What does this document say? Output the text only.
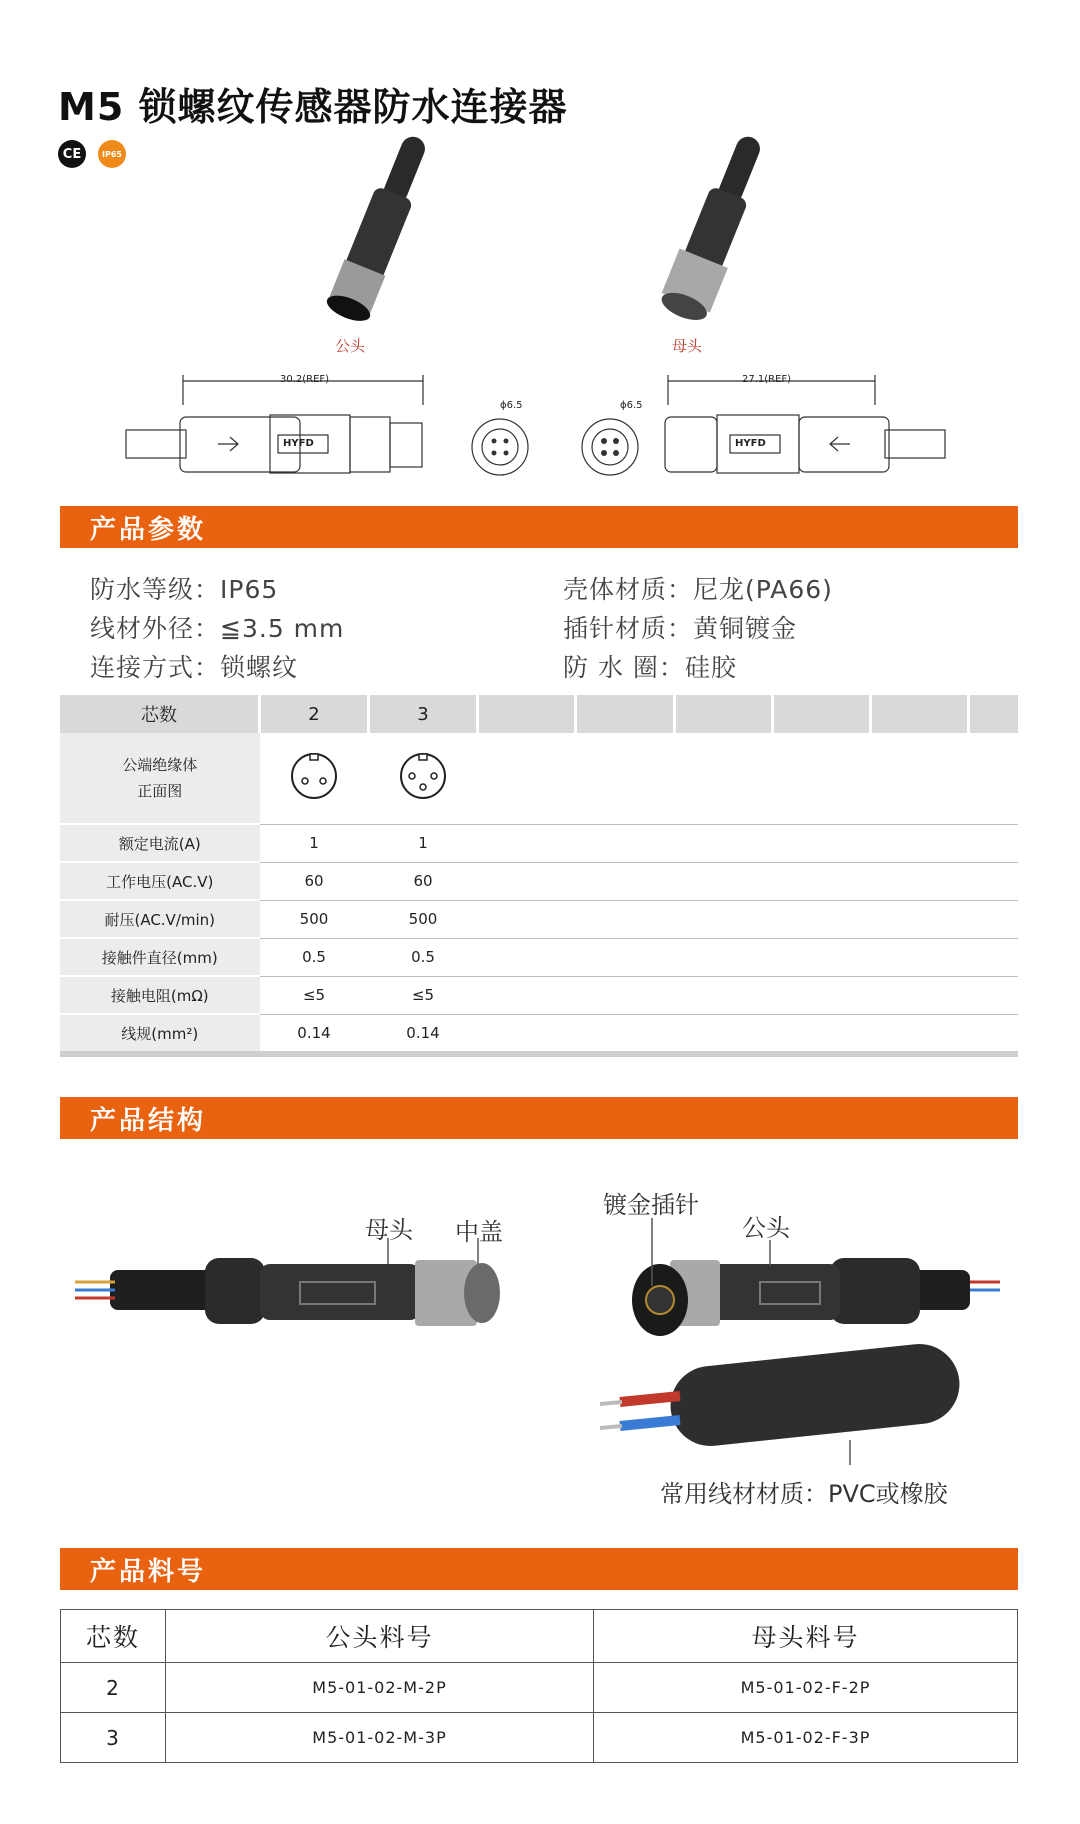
M5 锁螺纹传感器防水连接器
CE	IP65
公头	母头
30.2(REF)	27.1(REF)
ϕ6.5	ϕ6.5
HYFD	HYFD
产品参数
防水等级：IP65	壳体材质：尼龙(PA66)
线材外径：≦3.5 mm	插针材质：黄铜镀金
连接方式：锁螺纹	防 水 圈：硅胶
芯数	2	3						

公端绝缘体
正面图

额定电流(A)	1	1						
工作电压(AC.V)	60	60						
耐压(AC.V/min)	500	500						
接触件直径(mm)	0.5	0.5						
接触电阻(mΩ)	≤5	≤5						
线规(mm²)	0.14	0.14						
产品结构
母头 中盖
镀金插针
公头
常用线材材质：PVC或橡胶
产品料号
芯数	公头料号	母头料号
2	M5-01-02-M-2P	M5-01-02-F-2P
3	M5-01-02-M-3P	M5-01-02-F-3P
